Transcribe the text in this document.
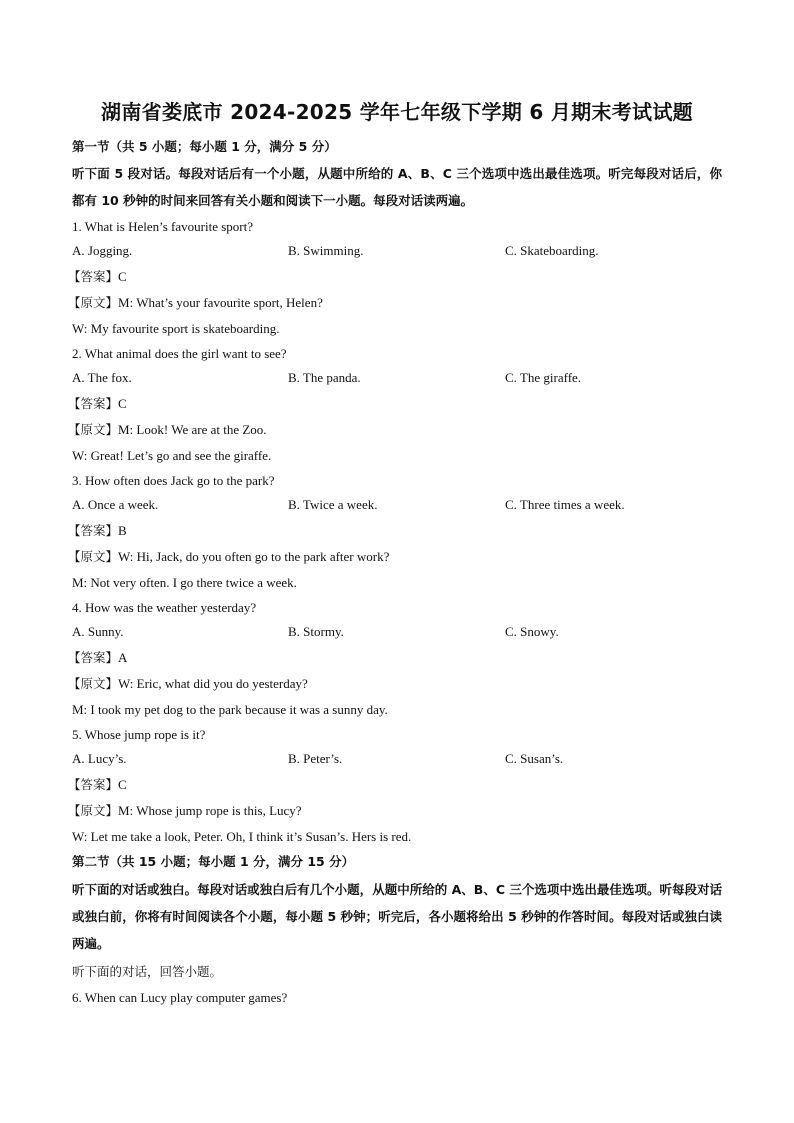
湖南省娄底市 2024-2025 学年七年级下学期 6 月期末考试试题
第一节（共 5 小题；每小题 1 分，满分 5 分）
听下面 5 段对话。每段对话后有一个小题，从题中所给的 A、B、C 三个选项中选出最佳选项。听完每段对话后，你都有 10 秒钟的时间来回答有关小题和阅读下一小题。每段对话读两遍。
1. What is Helen’s favourite sport?
A. Jogging.	B. Swimming.	C. Skateboarding.
【答案】C
【原文】M: What’s your favourite sport, Helen?
W: My favourite sport is skateboarding.
2. What animal does the girl want to see?
A. The fox.	B. The panda.	C. The giraffe.
【答案】C
【原文】M: Look! We are at the Zoo.
W: Great! Let’s go and see the giraffe.
3. How often does Jack go to the park?
A. Once a week.	B. Twice a week.	C. Three times a week.
【答案】B
【原文】W: Hi, Jack, do you often go to the park after work?
M: Not very often. I go there twice a week.
4. How was the weather yesterday?
A. Sunny.	B. Stormy.	C. Snowy.
【答案】A
【原文】W: Eric, what did you do yesterday?
M: I took my pet dog to the park because it was a sunny day.
5. Whose jump rope is it?
A. Lucy’s.	B. Peter’s.	C. Susan’s.
【答案】C
【原文】M: Whose jump rope is this, Lucy?
W: Let me take a look, Peter. Oh, I think it’s Susan’s. Hers is red.
第二节（共 15 小题；每小题 1 分，满分 15 分）
听下面的对话或独白。每段对话或独白后有几个小题，从题中所给的 A、B、C 三个选项中选出最佳选项。听每段对话或独白前，你将有时间阅读各个小题，每小题 5 秒钟；听完后，各小题将给出 5 秒钟的作答时间。每段对话或独白读两遍。
听下面的对话，回答小题。
6. When can Lucy play computer games?
